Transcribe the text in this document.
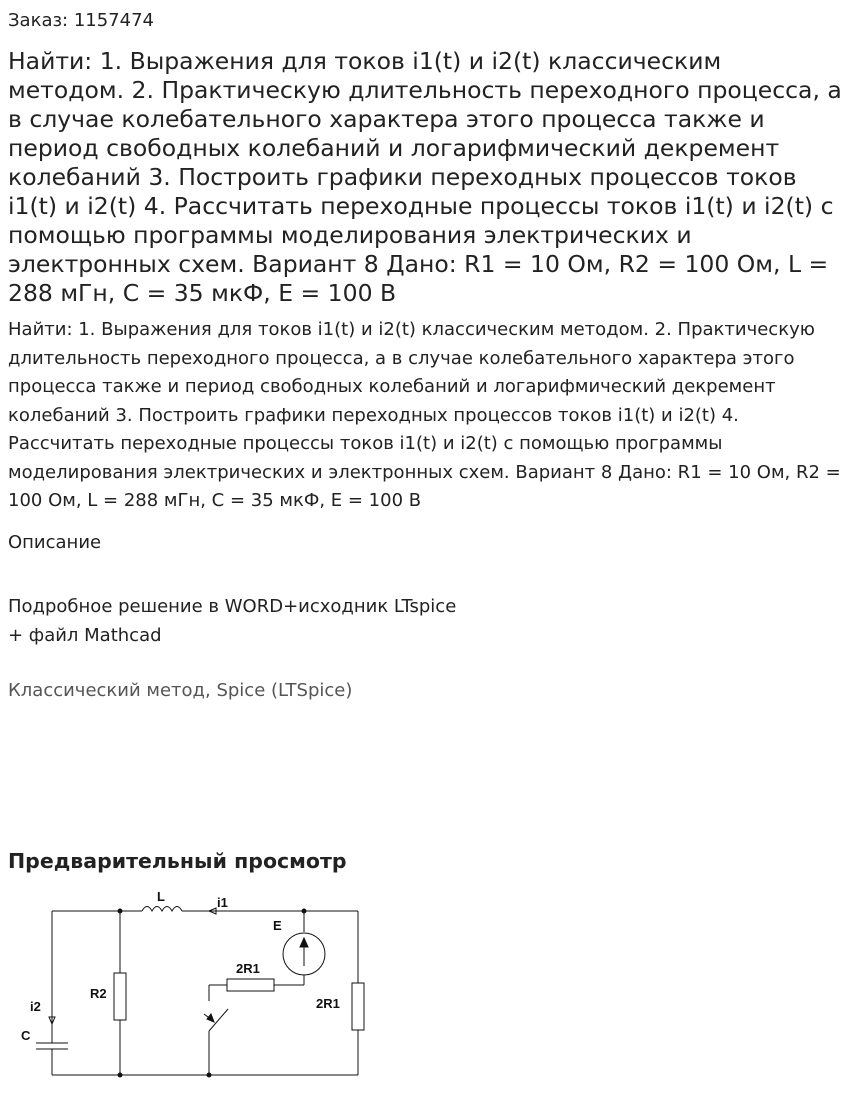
Заказ: 1157474
Найти: 1. Выражения для токов i1(t) и i2(t) классическим методом. 2. Практическую длительность переходного процесса, а в случае колебательного характера этого процесса также и период свободных колебаний и логарифмический декремент колебаний 3. Построить графики переходных процессов токов i1(t) и i2(t) 4. Рассчитать переходные процессы токов i1(t) и i2(t) с помощью программы моделирования электрических и электронных схем. Вариант 8 Дано: R1 = 10 Ом, R2 = 100 Ом, L = 288 мГн, С = 35 мкФ, Е = 100 В

Найти: 1. Выражения для токов i1(t) и i2(t) классическим методом. 2. Практическую длительность переходного процесса, а в случае колебательного характера этого процесса также и период свободных колебаний и логарифмический декремент колебаний 3. Построить графики переходных процессов токов i1(t) и i2(t) 4. Рассчитать переходные процессы токов i1(t) и i2(t) с помощью программы моделирования электрических и электронных схем. Вариант 8 Дано: R1 = 10 Ом, R2 = 100 Ом, L = 288 мГн, С = 35 мкФ, Е = 100 В

Описание
Подробное решение в WORD+исходник LTspice
+ файл Mathcad
Классический метод, Spice (LTSpice)
Предварительный просмотр
L	i1
E
2R1
2R1
R2
i2
C
